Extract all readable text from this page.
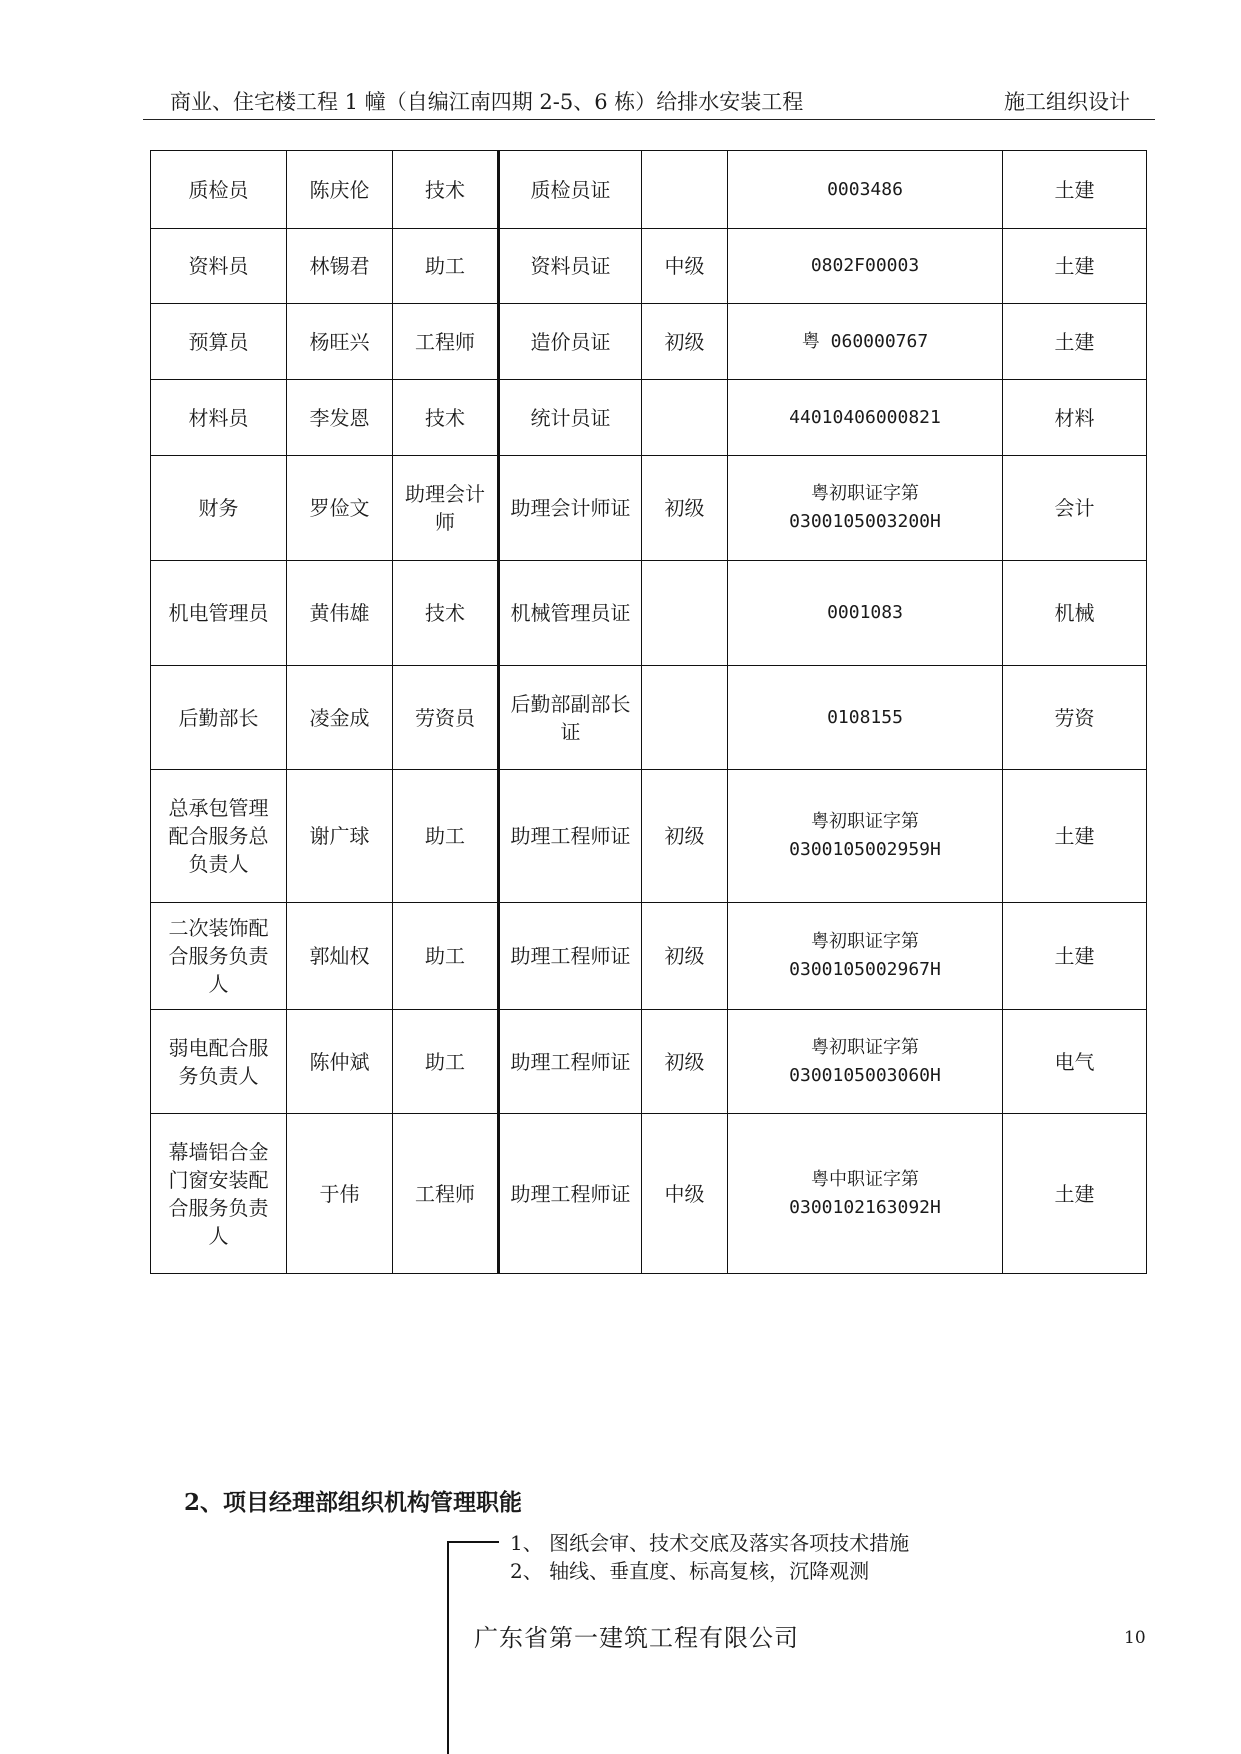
商业、住宅楼工程 1 幢（自编江南四期 2-5、6 栋）给排水安装工程	施工组织设计
质检员	陈庆伦	技术	质检员证		0003486	土建
资料员	林锡君	助工	资料员证	中级	0802F00003	土建
预算员	杨旺兴	工程师	造价员证	初级	粤 060000767	土建
材料员	李发恩	技术	统计员证		44010406000821	材料
财务	罗俭文	助理会计师	助理会计师证	初级	粤初职证字第 0300105003200H	会计
机电管理员	黄伟雄	技术	机械管理员证		0001083	机械
后勤部长	凌金成	劳资员	后勤部副部长证		0108155	劳资
总承包管理配合服务总负责人	谢广球	助工	助理工程师证	初级	粤初职证字第 0300105002959H	土建
二次装饰配合服务负责人	郭灿权	助工	助理工程师证	初级	粤初职证字第 0300105002967H	土建
弱电配合服务负责人	陈仲斌	助工	助理工程师证	初级	粤初职证字第 0300105003060H	电气
幕墙铝合金门窗安装配合服务负责人	于伟	工程师	助理工程师证	中级	粤中职证字第 0300102163092H	土建
2、项目经理部组织机构管理职能
1、 图纸会审、技术交底及落实各项技术措施
2、 轴线、垂直度、标高复核，沉降观测
广东省第一建筑工程有限公司	10
